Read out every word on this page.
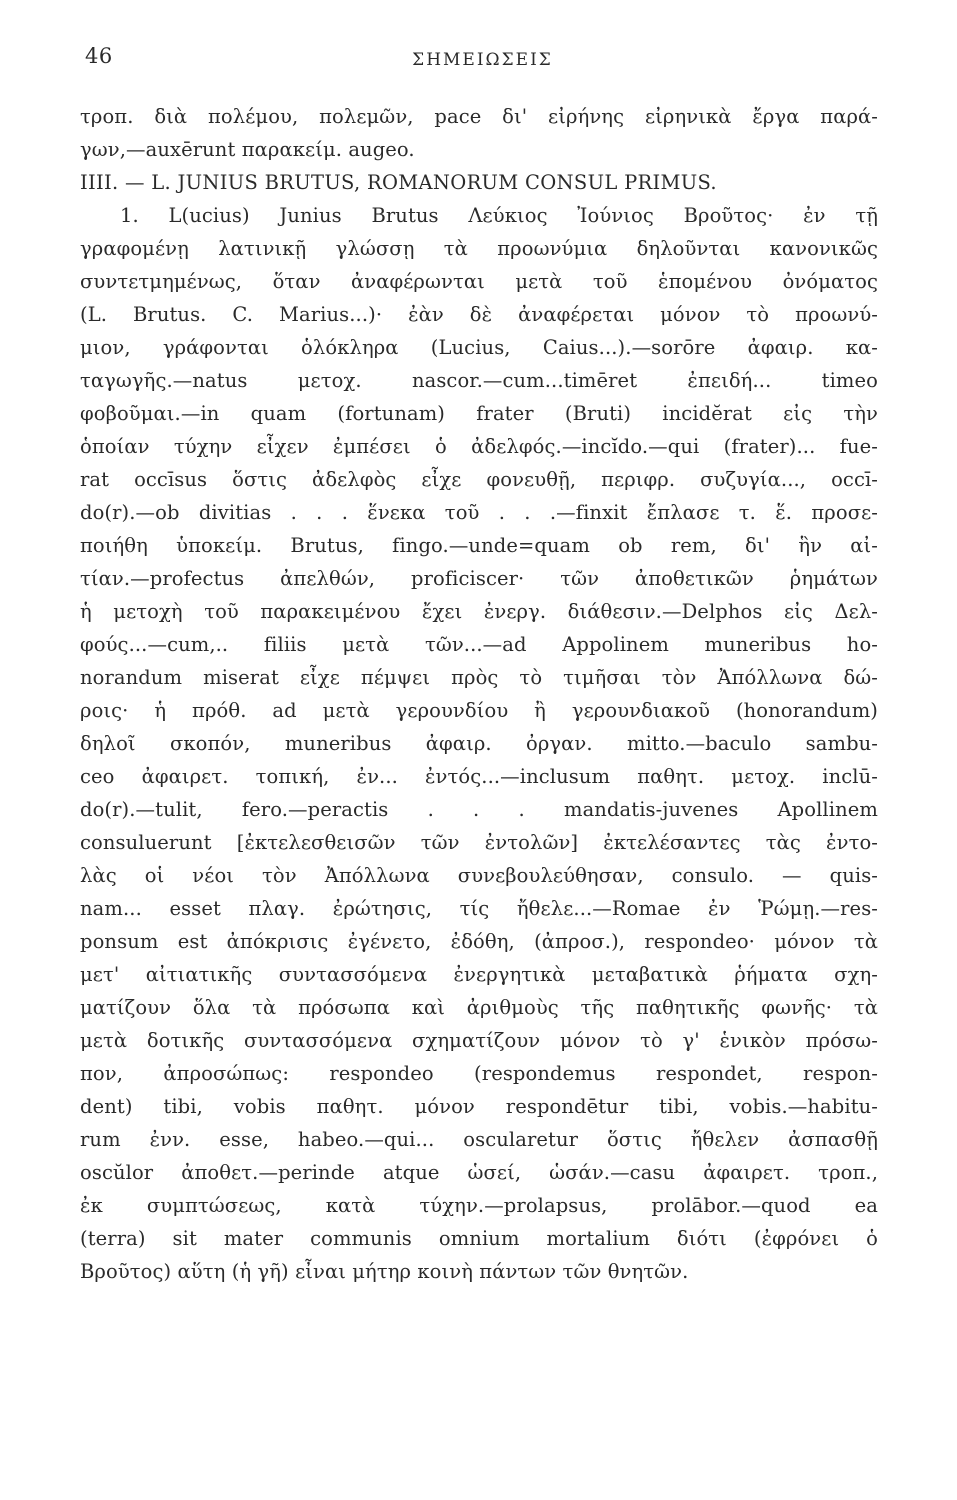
46	ΣΗΜΕΙΩΣΕΙΣ
τροπ. διὰ πολέμου, πολεμῶν, pace δι' εἰρήνης εἰρηνικὰ ἔργα παρά-
γων,—auxērunt παρακείμ. augeo.
IIII. — L. JUNIUS BRUTUS, ROMANORUM CONSUL PRIMUS.
1. L(ucius) Junius Brutus Λεύκιος Ἰούνιος Βροῦτος· ἐν τῇ
γραφομένῃ λατινικῇ γλώσσῃ τὰ προωνύμια δηλοῦνται κανονικῶς
συντετμημένως, ὅταν ἀναφέρωνται μετὰ τοῦ ἑπομένου ὀνόματος
(L. Brutus. C. Marius...)· ἐὰν δὲ ἀναφέρεται μόνον τὸ προωνύ-
μιον, γράφονται ὁλόκληρα (Lucius, Caius...).—sorōre ἀφαιρ. κα-
ταγωγῆς.—natus μετοχ. nascor.—cum...timēret ἐπειδή... timeo
φοβοῦμαι.—in quam (fortunam) frater (Bruti) incidĕrat εἰς τὴν
ὁποίαν τύχην εἶχεν ἐμπέσει ὁ ἀδελφός.—incĭdo.—qui (frater)... fue-
rat occīsus ὅστις ἀδελφὸς εἶχε φονευθῇ, περιφρ. συζυγία..., occī-
do(r).—ob divitias . . . ἕνεκα τοῦ . . .—finxit ἔπλασε τ. ἕ. προσε-
ποιήθη ὑποκείμ. Brutus, fingo.—unde=quam ob rem, δι' ἣν αἰ-
τίαν.—profectus ἀπελθών, proficiscer· τῶν ἀποθετικῶν ῥημάτων
ἡ μετοχὴ τοῦ παρακειμένου ἔχει ἐνεργ. διάθεσιν.—Delphos εἰς Δελ-
φούς...—cum,.. filiis μετὰ τῶν...—ad Appolinem muneribus ho-
norandum miserat εἶχε πέμψει πρὸς τὸ τιμῆσαι τὸν Ἀπόλλωνα δώ-
ροις· ἡ πρόθ. ad μετὰ γερουνδίου ἢ γερουνδιακοῦ (honorandum)
δηλοῖ σκοπόν, muneribus ἀφαιρ. ὀργαν. mitto.—baculo sambu-
ceo ἀφαιρετ. τοπική, ἐν... ἐντός...—inclusum παθητ. μετοχ. inclū-
do(r).—tulit, fero.—peractis . . . mandatis-juvenes Apollinem
consuluerunt [ἐκτελεσθεισῶν τῶν ἐντολῶν] ἐκτελέσαντες τὰς ἐντο-
λὰς οἱ νέοι τὸν Ἀπόλλωνα συνεβουλεύθησαν, consulo. — quis-
nam... esset πλαγ. ἐρώτησις, τίς ἤθελε...—Romae ἐν Ῥώμῃ.—res-
ponsum est ἀπόκρισις ἐγένετο, ἐδόθη, (ἀπροσ.), respondeo· μόνον τὰ
μετ' αἰτιατικῆς συντασσόμενα ἐνεργητικὰ μεταβατικὰ ῥήματα σχη-
ματίζουν ὅλα τὰ πρόσωπα καὶ ἀριθμοὺς τῆς παθητικῆς φωνῆς· τὰ
μετὰ δοτικῆς συντασσόμενα σχηματίζουν μόνον τὸ γ' ἑνικὸν πρόσω-
πον, ἀπροσώπως: respondeo (respondemus respondet, respon-
dent) tibi, vobis παθητ. μόνον respondētur tibi, vobis.—habitu-
rum ἐνν. esse, habeo.—qui... oscularetur ὅστις ἤθελεν ἀσπασθῇ
oscŭlor ἀποθετ.—perinde atque ὡσεί, ὡσάν.—casu ἀφαιρετ. τροπ.,
ἐκ συμπτώσεως, κατὰ τύχην.—prolapsus, prolābor.—quod ea
(terra) sit mater communis omnium mortalium διότι (ἐφρόνει ὁ
Βροῦτος) αὕτη (ἡ γῆ) εἶναι μήτηρ κοινὴ πάντων τῶν θνητῶν.
